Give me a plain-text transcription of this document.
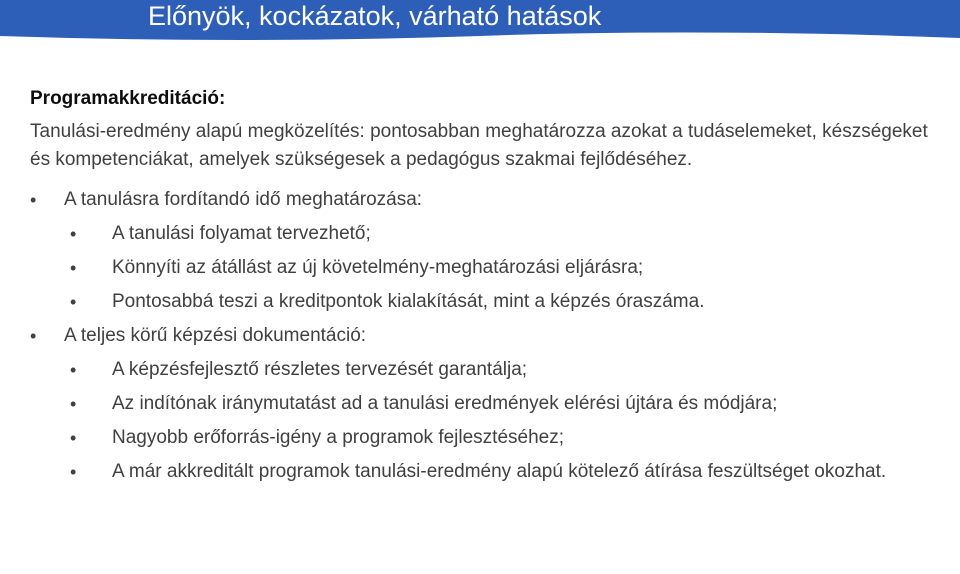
Előnyök, kockázatok, várható hatások
Programakkreditáció:
Tanulási-eredmény alapú megközelítés: pontosabban meghatározza azokat a tudáselemeket, készségeket és kompetenciákat, amelyek szükségesek a pedagógus szakmai fejlődéséhez.
• A tanulásra fordítandó idő meghatározása:
• A tanulási folyamat tervezhető;
• Könnyíti az átállást az új követelmény-meghatározási eljárásra;
• Pontosabbá teszi a kreditpontok kialakítását, mint a képzés óraszáma.
• A teljes körű képzési dokumentáció:
• A képzésfejlesztő részletes tervezését garantálja;
• Az indítónak iránymutatást ad a tanulási eredmények elérési újtára és módjára;
• Nagyobb erőforrás-igény a programok fejlesztéséhez;
• A már akkreditált programok tanulási-eredmény alapú kötelező átírása feszültséget okozhat.
